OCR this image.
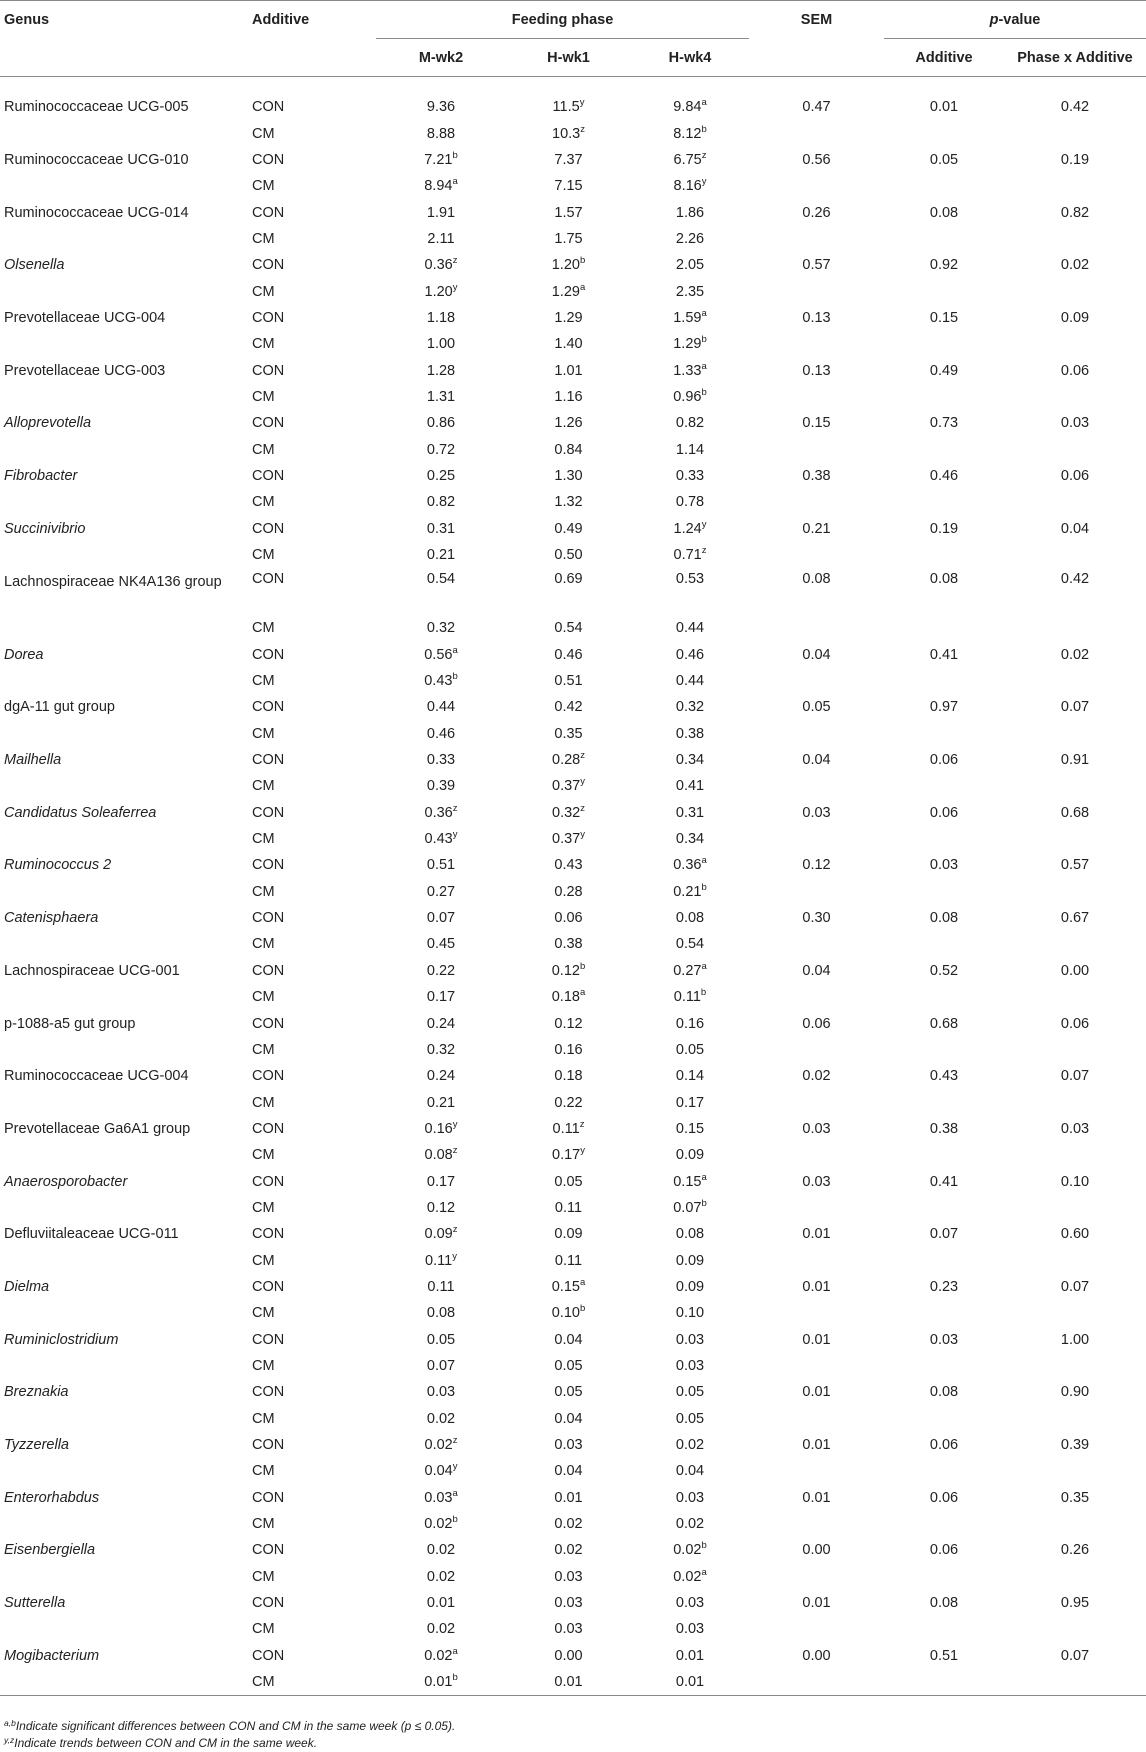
Genus	Additive	Feeding phase			SEM	p-value	
		M-wk2	H-wk1	H-wk4		Additive	Phase x Additive

Ruminococcaceae UCG-005	CON	9.36	11.5$^y$	9.84$^a$	0.47	0.01	0.42
	CM	8.88	10.3$^z$	8.12$^b$			
Ruminococcaceae UCG-010	CON	7.21$^b$	7.37	6.75$^z$	0.56	0.05	0.19
	CM	8.94$^a$	7.15	8.16$^y$			
Ruminococcaceae UCG-014	CON	1.91	1.57	1.86	0.26	0.08	0.82
	CM	2.11	1.75	2.26			
Olsenella	CON	0.36$^z$	1.20$^b$	2.05	0.57	0.92	0.02
	CM	1.20$^y$	1.29$^a$	2.35			
Prevotellaceae UCG-004	CON	1.18	1.29	1.59$^a$	0.13	0.15	0.09
	CM	1.00	1.40	1.29$^b$			
Prevotellaceae UCG-003	CON	1.28	1.01	1.33$^a$	0.13	0.49	0.06
	CM	1.31	1.16	0.96$^b$			
Alloprevotella	CON	0.86	1.26	0.82	0.15	0.73	0.03
	CM	0.72	0.84	1.14			
Fibrobacter	CON	0.25	1.30	0.33	0.38	0.46	0.06
	CM	0.82	1.32	0.78			
Succinivibrio	CON	0.31	0.49	1.24$^y$	0.21	0.19	0.04
	CM	0.21	0.50	0.71$^z$			
Lachnospiraceae NK4A136 group	CON	0.54	0.69	0.53	0.08	0.08	0.42
	CM	0.32	0.54	0.44			
Dorea	CON	0.56$^a$	0.46	0.46	0.04	0.41	0.02
	CM	0.43$^b$	0.51	0.44			
dgA-11 gut group	CON	0.44	0.42	0.32	0.05	0.97	0.07
	CM	0.46	0.35	0.38			
Mailhella	CON	0.33	0.28$^z$	0.34	0.04	0.06	0.91
	CM	0.39	0.37$^y$	0.41			
Candidatus Soleaferrea	CON	0.36$^z$	0.32$^z$	0.31	0.03	0.06	0.68
	CM	0.43$^y$	0.37$^y$	0.34			
Ruminococcus 2	CON	0.51	0.43	0.36$^a$	0.12	0.03	0.57
	CM	0.27	0.28	0.21$^b$			
Catenisphaera	CON	0.07	0.06	0.08	0.30	0.08	0.67
	CM	0.45	0.38	0.54			
Lachnospiraceae UCG-001	CON	0.22	0.12$^b$	0.27$^a$	0.04	0.52	0.00
	CM	0.17	0.18$^a$	0.11$^b$			
p-1088-a5 gut group	CON	0.24	0.12	0.16	0.06	0.68	0.06
	CM	0.32	0.16	0.05			
Ruminococcaceae UCG-004	CON	0.24	0.18	0.14	0.02	0.43	0.07
	CM	0.21	0.22	0.17			
Prevotellaceae Ga6A1 group	CON	0.16$^y$	0.11$^z$	0.15	0.03	0.38	0.03
	CM	0.08$^z$	0.17$^y$	0.09			
Anaerosporobacter	CON	0.17	0.05	0.15$^a$	0.03	0.41	0.10
	CM	0.12	0.11	0.07$^b$			
Defluviitaleaceae UCG-011	CON	0.09$^z$	0.09	0.08	0.01	0.07	0.60
	CM	0.11$^y$	0.11	0.09			
Dielma	CON	0.11	0.15$^a$	0.09	0.01	0.23	0.07
	CM	0.08	0.10$^b$	0.10			
Ruminiclostridium	CON	0.05	0.04	0.03	0.01	0.03	1.00
	CM	0.07	0.05	0.03			
Breznakia	CON	0.03	0.05	0.05	0.01	0.08	0.90
	CM	0.02	0.04	0.05			
Tyzzerella	CON	0.02$^z$	0.03	0.02	0.01	0.06	0.39
	CM	0.04$^y$	0.04	0.04			
Enterorhabdus	CON	0.03$^a$	0.01	0.03	0.01	0.06	0.35
	CM	0.02$^b$	0.02	0.02			
Eisenbergiella	CON	0.02	0.02	0.02$^b$	0.00	0.06	0.26
	CM	0.02	0.03	0.02$^a$			
Sutterella	CON	0.01	0.03	0.03	0.01	0.08	0.95
	CM	0.02	0.03	0.03			
Mogibacterium	CON	0.02$^a$	0.00	0.01	0.00	0.51	0.07
	CM	0.01$^b$	0.01	0.01			
$^{a,b}$Indicate significant differences between CON and CM in the same week (p ≤ 0.05).
$^{y,z}$Indicate trends between CON and CM in the same week.
